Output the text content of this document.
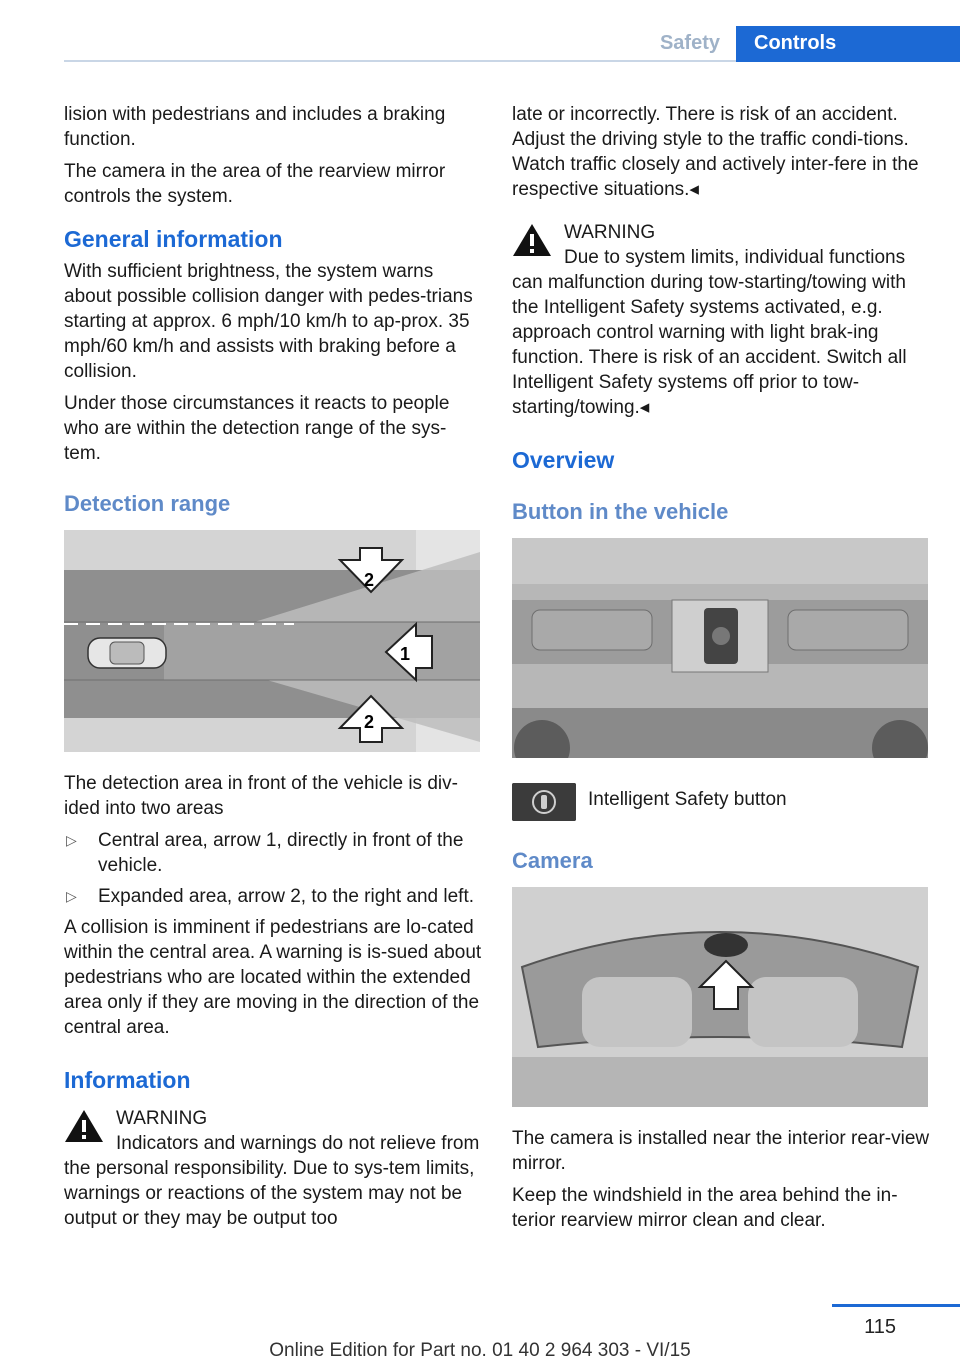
Safety	Controls

lision with pedestrians and includes a braking function.

The camera in the area of the rearview mirror controls the system.

General information

With sufficient brightness, the system warns about possible collision danger with pedes-trians starting at approx. 6 mph/10 km/h to ap-prox. 35 mph/60 km/h and assists with braking before a collision.

Under those circumstances it reacts to people who are within the detection range of the sys-tem.

Detection range
2
1
2

The detection area in front of the vehicle is div-ided into two areas

▷ Central area, arrow 1, directly in front of the vehicle.
▷ Expanded area, arrow 2, to the right and left.

A collision is imminent if pedestrians are lo-cated within the central area. A warning is is-sued about pedestrians who are located within the extended area only if they are moving in the direction of the central area.

Information
WARNING
Indicators and warnings do not relieve from the personal responsibility. Due to sys-tem limits, warnings or reactions of the system may not be output or they may be output too

late or incorrectly. There is risk of an accident. Adjust the driving style to the traffic condi-tions. Watch traffic closely and actively inter-fere in the respective situations.◂

WARNING
Due to system limits, individual functions can malfunction during tow-starting/towing with the Intelligent Safety systems activated, e.g. approach control warning with light brak-ing function. There is risk of an accident. Switch all Intelligent Safety systems off prior to tow-starting/towing.◂
Overview
Button in the vehicle
Intelligent Safety button
Camera

The camera is installed near the interior rear-view mirror.

Keep the windshield in the area behind the in-terior rearview mirror clean and clear.

115
Online Edition for Part no. 01 40 2 964 303 - VI/15
